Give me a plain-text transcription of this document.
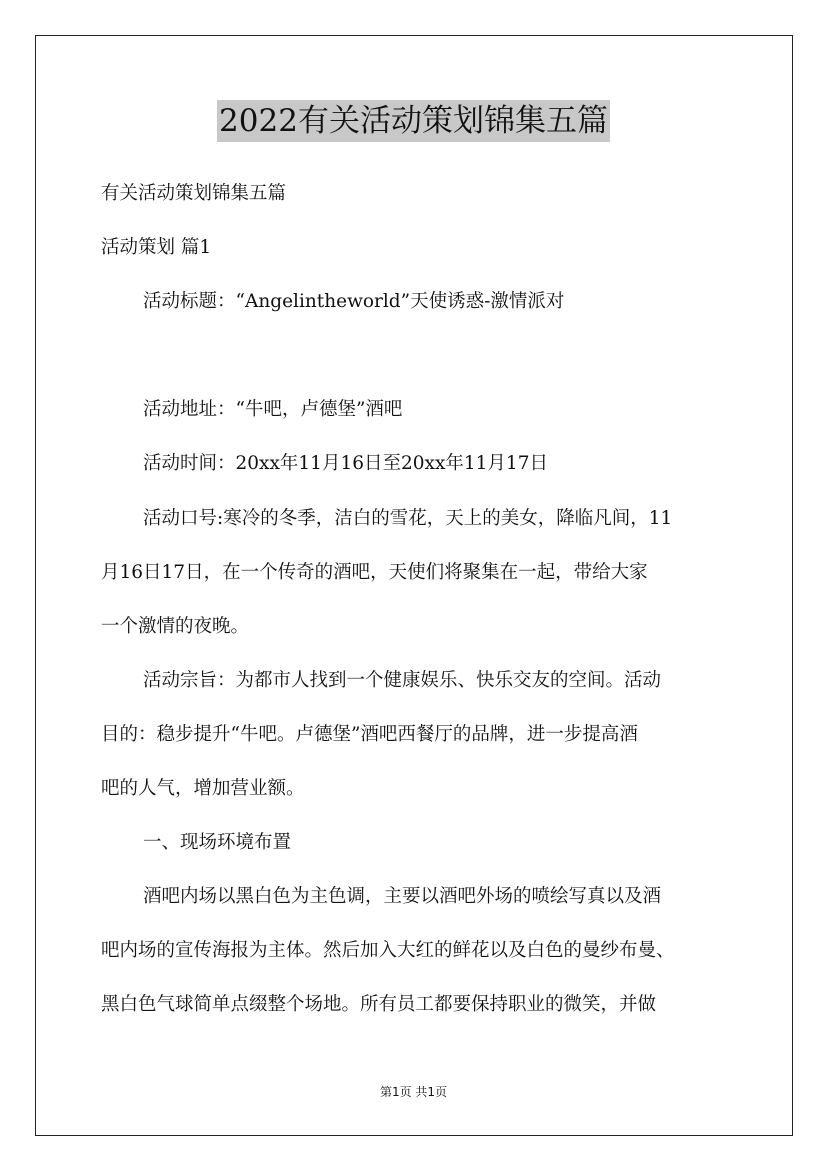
2022有关活动策划锦集五篇
有关活动策划锦集五篇
活动策划 篇1
活动标题：“Angelintheworld”天使诱惑-激情派对
活动地址：“牛吧，卢德堡”酒吧
活动时间：20xx年11月16日至20xx年11月17日
活动口号:寒冷的冬季，洁白的雪花，天上的美女，降临凡间，11
月16日17日，在一个传奇的酒吧，天使们将聚集在一起，带给大家
一个激情的夜晚。
活动宗旨：为都市人找到一个健康娱乐、快乐交友的空间。活动
目的：稳步提升“牛吧。卢德堡”酒吧西餐厅的品牌，进一步提高酒
吧的人气，增加营业额。
一、现场环境布置
酒吧内场以黑白色为主色调，主要以酒吧外场的喷绘写真以及酒
吧内场的宣传海报为主体。然后加入大红的鲜花以及白色的曼纱布曼、
黑白色气球简单点缀整个场地。所有员工都要保持职业的微笑，并做
第1页 共1页
